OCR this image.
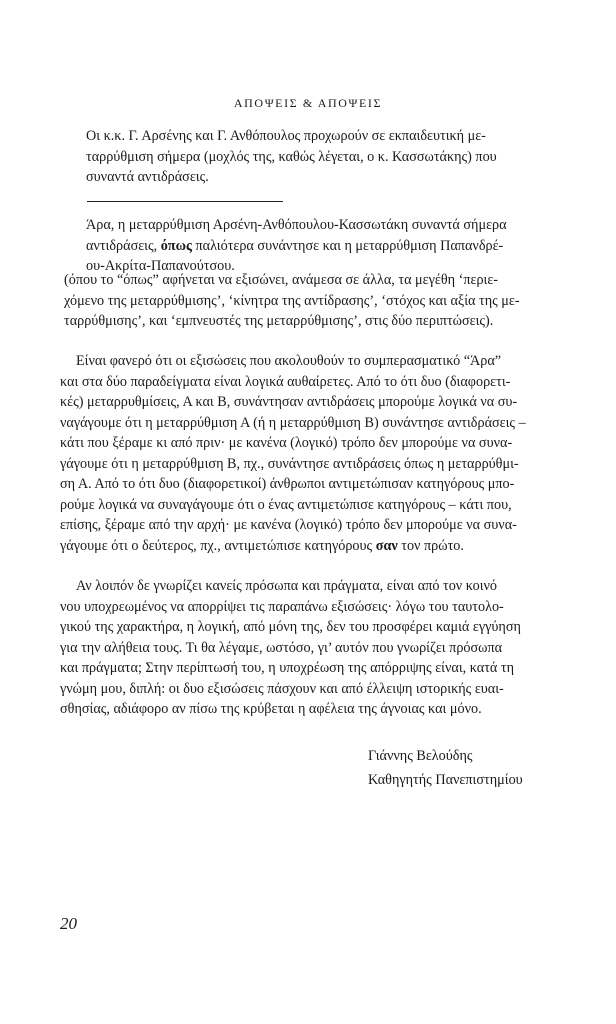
ΑΠΟΨΕΙΣ & ΑΠΟΨΕΙΣ
Οι κ.κ. Γ. Αρσένης και Γ. Ανθόπουλος προχωρούν σε εκπαιδευτική με-
ταρρύθμιση σήμερα (μοχλός της, καθώς λέγεται, ο κ. Κασσωτάκης) που
συναντά αντιδράσεις.
Άρα, η μεταρρύθμιση Αρσένη-Ανθόπουλου-Κασσωτάκη συναντά σήμερα
αντιδράσεις, όπως παλιότερα συνάντησε και η μεταρρύθμιση Παπανδρέ-
ου-Ακρίτα-Παπανούτσου.
(όπου το “όπως” αφήνεται να εξισώνει, ανάμεσα σε άλλα, τα μεγέθη ‘περιε-
χόμενο της μεταρρύθμισης’, ‘κίνητρα της αντίδρασης’, ‘στόχος και αξία της με-
ταρρύθμισης’, και ‘εμπνευστές της μεταρρύθμισης’, στις δύο περιπτώσεις).
Είναι φανερό ότι οι εξισώσεις που ακολουθούν το συμπερασματικό “Άρα”
και στα δύο παραδείγματα είναι λογικά αυθαίρετες. Από το ότι δυο (διαφορετι-
κές) μεταρρυθμίσεις, Α και Β, συνάντησαν αντιδράσεις μπορούμε λογικά να συ-
ναγάγουμε ότι η μεταρρύθμιση Α (ή η μεταρρύθμιση Β) συνάντησε αντιδράσεις –
κάτι που ξέραμε κι από πριν· με κανένα (λογικό) τρόπο δεν μπορούμε να συνα-
γάγουμε ότι η μεταρρύθμιση Β, πχ., συνάντησε αντιδράσεις όπως η μεταρρύθμι-
ση Α. Από το ότι δυο (διαφορετικοί) άνθρωποι αντιμετώπισαν κατηγόρους μπο-
ρούμε λογικά να συναγάγουμε ότι ο ένας αντιμετώπισε κατηγόρους – κάτι που,
επίσης, ξέραμε από την αρχή· με κανένα (λογικό) τρόπο δεν μπορούμε να συνα-
γάγουμε ότι ο δεύτερος, πχ., αντιμετώπισε κατηγόρους σαν τον πρώτο.
Αν λοιπόν δε γνωρίζει κανείς πρόσωπα και πράγματα, είναι από τον κοινό
νου υποχρεωμένος να απορρίψει τις παραπάνω εξισώσεις· λόγω του ταυτολο-
γικού της χαρακτήρα, η λογική, από μόνη της, δεν του προσφέρει καμιά εγγύηση
για την αλήθεια τους. Τι θα λέγαμε, ωστόσο, γι’ αυτόν που γνωρίζει πρόσωπα
και πράγματα; Στην περίπτωσή του, η υποχρέωση της απόρριψης είναι, κατά τη
γνώμη μου, διπλή: οι δυο εξισώσεις πάσχουν και από έλλειψη ιστορικής ευαι-
σθησίας, αδιάφορο αν πίσω της κρύβεται η αφέλεια της άγνοιας και μόνο.
Γιάννης Βελούδης
Καθηγητής Πανεπιστημίου
20
